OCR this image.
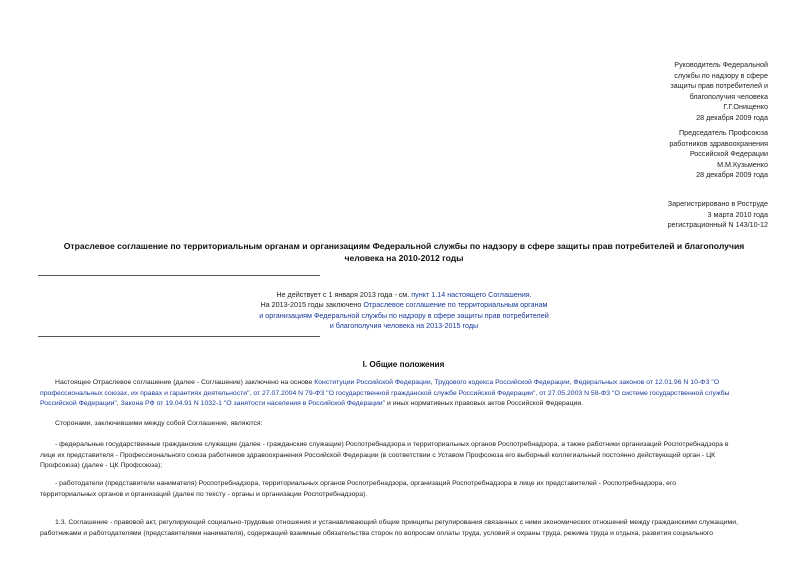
Руководитель Федеральной
службы по надзору в сфере
защиты прав потребителей и
благополучия человека
Г.Г.Онищенко
28 декабря 2009 года
Председатель Профсоюза
работников здравоохранения
Российской Федерации
М.М.Кузьменко
28 декабря 2009 года
Зарегистрировано в Роструде
3 марта 2010 года
регистрационный N 143/10-12
Отраслевое соглашение по территориальным органам и организациям Федеральной службы по надзору в сфере защиты прав потребителей и благополучия
человека на 2010-2012 годы
Не действует с 1 января 2013 года - см. пункт 1.14 настоящего Соглашения.
На 2013-2015 годы заключено Отраслевое соглашение по территориальным органам
и организациям Федеральной службы по надзору в сфере защиты прав потребителей
и благополучия человека на 2013-2015 годы
I. Общие положения
Настоящее Отраслевое соглашение (далее - Соглашение) заключено на основе Конституции Российской Федерации, Трудового кодекса Российской Федерации, Федеральных законов от 12.01.96 N 10-ФЗ "О
профессиональных союзах, их правах и гарантиях деятельности", от 27.07.2004 N 79-ФЗ "О государственной гражданской службе Российской Федерации", от 27.05.2003 N 58-ФЗ "О системе государственной службы
Российской Федерации", Закона РФ от 19.04.91 N 1032-1 "О занятости населения в Российской Федерации" и иных нормативных правовых актов Российской Федерации.
Сторонами, заключившими между собой Соглашение, являются:
- федеральные государственные гражданские служащие (далее - гражданские служащие) Роспотребнадзора и территориальных органов Роспотребнадзора, а также работники организаций Роспотребнадзора в
лице их представителя - Профессионального союза работников здравоохранения Российской Федерации (в соответствии с Уставом Профсоюза его выборный коллегиальный постоянно действующий орган - ЦК
Профсоюза) (далее - ЦК Профсоюза);
- работодатели (представители нанимателя) Роспотребнадзора, территориальных органов Роспотребнадзора, организаций Роспотребнадзора в лице их представителей - Роспотребнадзора, его
территориальных органов и организаций (далее по тексту - органы и организации Роспотребнадзора).
1.3. Соглашение - правовой акт, регулирующий социально-трудовые отношения и устанавливающий общие принципы регулирования связанных с ними экономических отношений между гражданскими служащими,
работниками и работодателями (представителями нанимателя), содержащий взаимные обязательства сторон по вопросам оплаты труда, условий и охраны труда, режима труда и отдыха, развития социального
